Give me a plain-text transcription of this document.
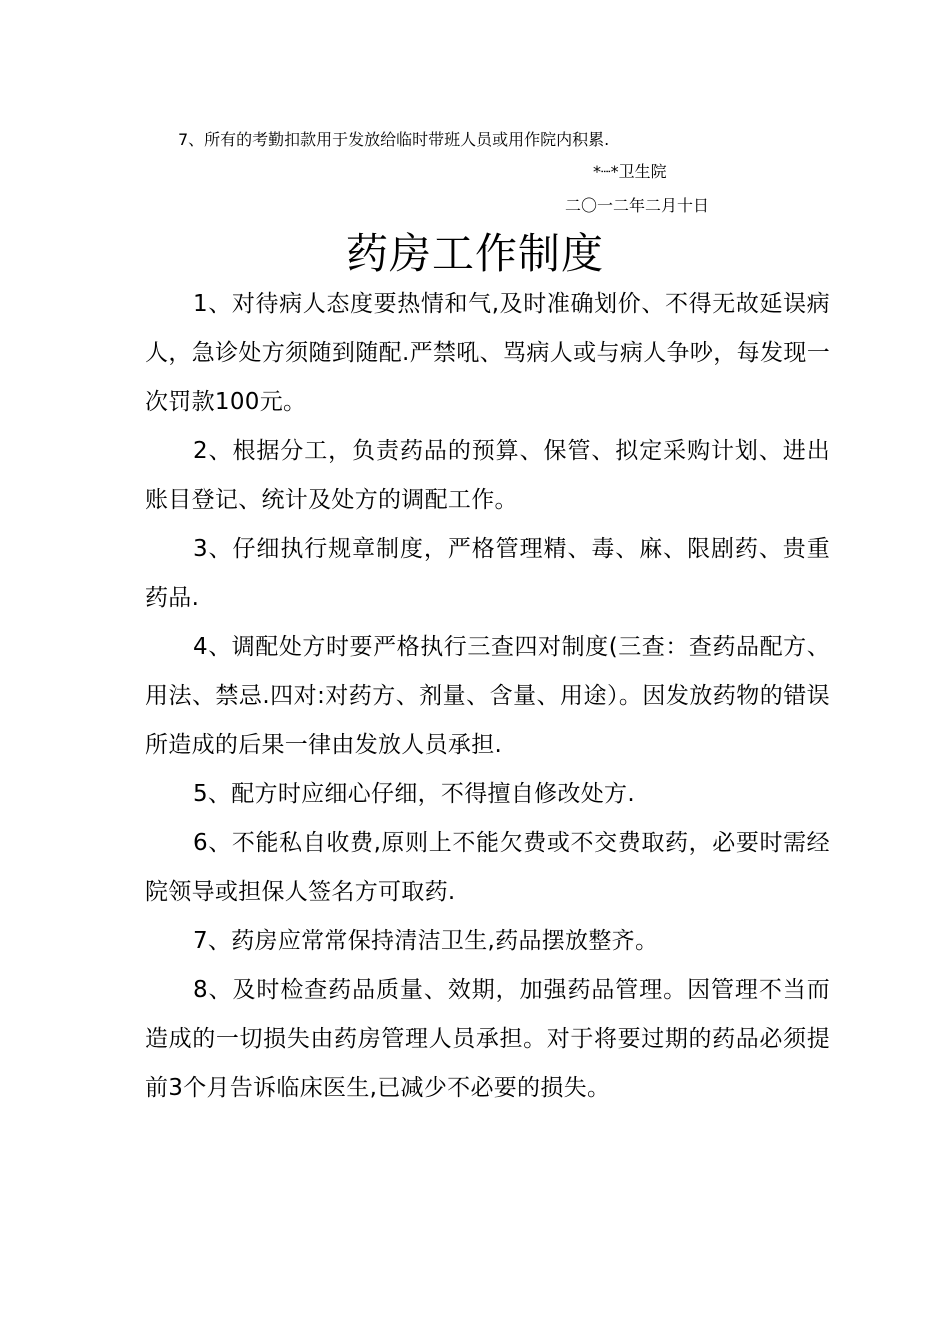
7、所有的考勤扣款用于发放给临时带班人员或用作院内积累.
*┈*卫生院
二〇一二年二月十日
药房工作制度

1、对待病人态度要热情和气,及时准确划价、不得无故延误病人，急诊处方须随到随配.严禁吼、骂病人或与病人争吵，每发现一次罚款100元。

2、根据分工，负责药品的预算、保管、拟定采购计划、进出账目登记、统计及处方的调配工作。

3、仔细执行规章制度，严格管理精、毒、麻、限剧药、贵重药品.

4、调配处方时要严格执行三查四对制度(三查：查药品配方、用法、禁忌.四对:对药方、剂量、含量、用途）。因发放药物的错误所造成的后果一律由发放人员承担.

5、配方时应细心仔细，不得擅自修改处方.

6、不能私自收费,原则上不能欠费或不交费取药，必要时需经院领导或担保人签名方可取药.

7、药房应常常保持清洁卫生,药品摆放整齐。

8、及时检查药品质量、效期，加强药品管理。因管理不当而造成的一切损失由药房管理人员承担。对于将要过期的药品必须提前3个月告诉临床医生,已减少不必要的损失。
